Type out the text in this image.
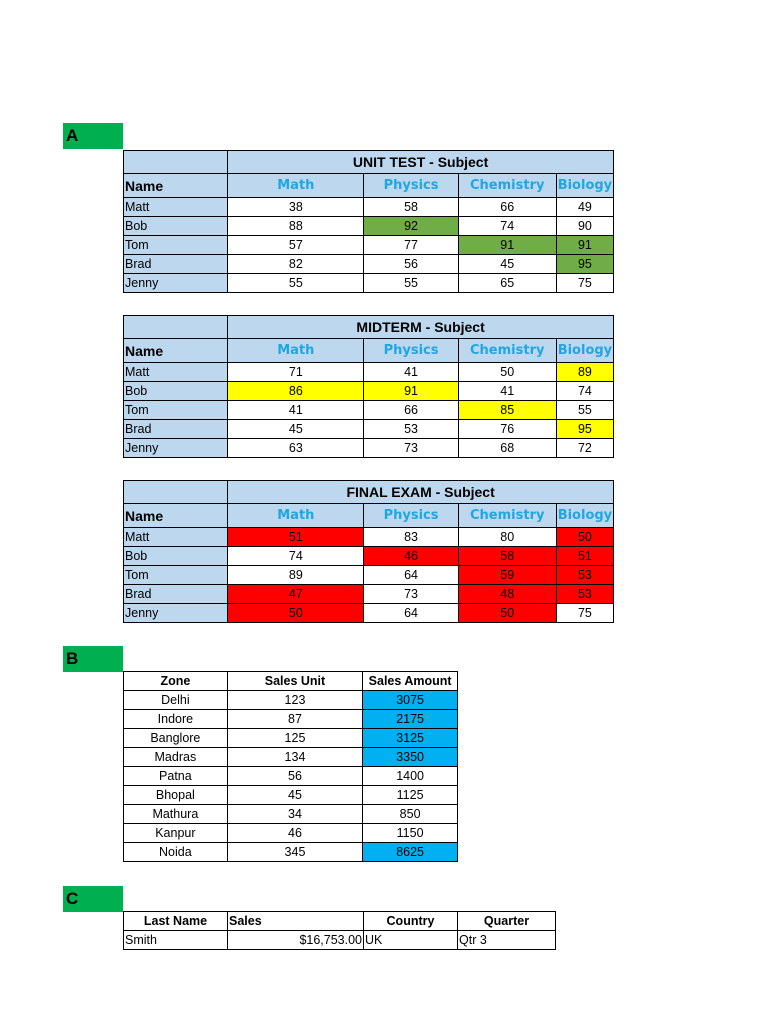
A
	UNIT TEST - Subject			
Name	Math	Physics	Chemistry	Biology
Matt	38	58	66	49
Bob	88	92	74	90
Tom	57	77	91	91
Brad	82	56	45	95
Jenny	55	55	65	75
	MIDTERM - Subject			
Name	Math	Physics	Chemistry	Biology
Matt	71	41	50	89
Bob	86	91	41	74
Tom	41	66	85	55
Brad	45	53	76	95
Jenny	63	73	68	72
	FINAL EXAM - Subject			
Name	Math	Physics	Chemistry	Biology
Matt	51	83	80	50
Bob	74	46	58	51
Tom	89	64	59	53
Brad	47	73	48	53
Jenny	50	64	50	75
B
Zone	Sales Unit	Sales Amount
Delhi	123	3075
Indore	87	2175
Banglore	125	3125
Madras	134	3350
Patna	56	1400
Bhopal	45	1125
Mathura	34	850
Kanpur	46	1150
Noida	345	8625
C
Last Name	Sales	Country	Quarter
Smith	$16,753.00	UK	Qtr 3
